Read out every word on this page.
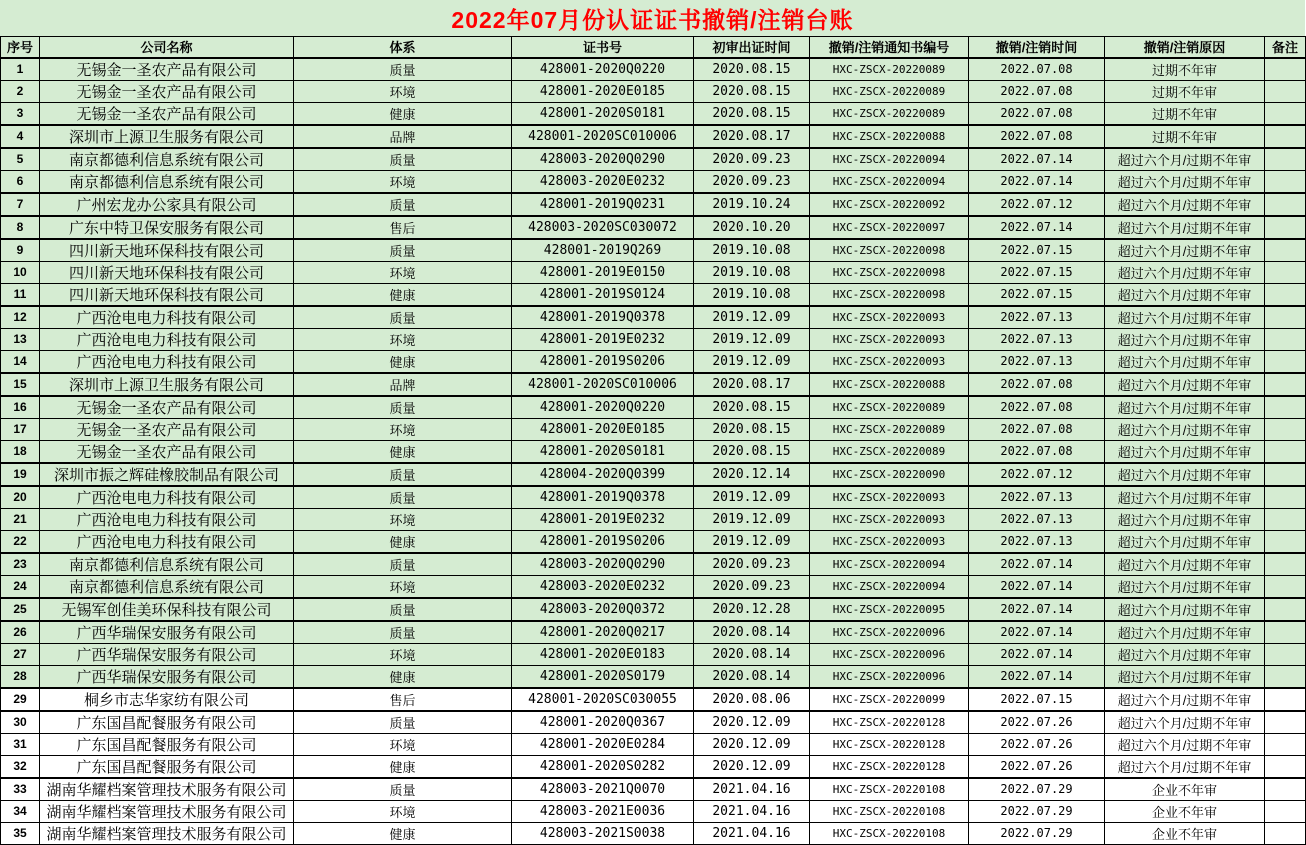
2022年07月份认证证书撤销/注销台账
序号	公司名称	体系	证书号	初审出证时间	撤销/注销通知书编号	撤销/注销时间	撤销/注销原因	备注
1	无锡金一圣农产品有限公司	质量	428001-2020Q0220	2020.08.15	HXC-ZSCX-20220089	2022.07.08	过期不年审	
2	无锡金一圣农产品有限公司	环境	428001-2020E0185	2020.08.15	HXC-ZSCX-20220089	2022.07.08	过期不年审	
3	无锡金一圣农产品有限公司	健康	428001-2020S0181	2020.08.15	HXC-ZSCX-20220089	2022.07.08	过期不年审	
4	深圳市上源卫生服务有限公司	品牌	428001-2020SC010006	2020.08.17	HXC-ZSCX-20220088	2022.07.08	过期不年审	
5	南京都德利信息系统有限公司	质量	428003-2020Q0290	2020.09.23	HXC-ZSCX-20220094	2022.07.14	超过六个月/过期不年审	
6	南京都德利信息系统有限公司	环境	428003-2020E0232	2020.09.23	HXC-ZSCX-20220094	2022.07.14	超过六个月/过期不年审	
7	广州宏龙办公家具有限公司	质量	428001-2019Q0231	2019.10.24	HXC-ZSCX-20220092	2022.07.12	超过六个月/过期不年审	
8	广东中特卫保安服务有限公司	售后	428003-2020SC030072	2020.10.20	HXC-ZSCX-20220097	2022.07.14	超过六个月/过期不年审	
9	四川新天地环保科技有限公司	质量	428001-2019Q269	2019.10.08	HXC-ZSCX-20220098	2022.07.15	超过六个月/过期不年审	
10	四川新天地环保科技有限公司	环境	428001-2019E0150	2019.10.08	HXC-ZSCX-20220098	2022.07.15	超过六个月/过期不年审	
11	四川新天地环保科技有限公司	健康	428001-2019S0124	2019.10.08	HXC-ZSCX-20220098	2022.07.15	超过六个月/过期不年审	
12	广西沧电电力科技有限公司	质量	428001-2019Q0378	2019.12.09	HXC-ZSCX-20220093	2022.07.13	超过六个月/过期不年审	
13	广西沧电电力科技有限公司	环境	428001-2019E0232	2019.12.09	HXC-ZSCX-20220093	2022.07.13	超过六个月/过期不年审	
14	广西沧电电力科技有限公司	健康	428001-2019S0206	2019.12.09	HXC-ZSCX-20220093	2022.07.13	超过六个月/过期不年审	
15	深圳市上源卫生服务有限公司	品牌	428001-2020SC010006	2020.08.17	HXC-ZSCX-20220088	2022.07.08	超过六个月/过期不年审	
16	无锡金一圣农产品有限公司	质量	428001-2020Q0220	2020.08.15	HXC-ZSCX-20220089	2022.07.08	超过六个月/过期不年审	
17	无锡金一圣农产品有限公司	环境	428001-2020E0185	2020.08.15	HXC-ZSCX-20220089	2022.07.08	超过六个月/过期不年审	
18	无锡金一圣农产品有限公司	健康	428001-2020S0181	2020.08.15	HXC-ZSCX-20220089	2022.07.08	超过六个月/过期不年审	
19	深圳市振之辉硅橡胶制品有限公司	质量	428004-2020Q0399	2020.12.14	HXC-ZSCX-20220090	2022.07.12	超过六个月/过期不年审	
20	广西沧电电力科技有限公司	质量	428001-2019Q0378	2019.12.09	HXC-ZSCX-20220093	2022.07.13	超过六个月/过期不年审	
21	广西沧电电力科技有限公司	环境	428001-2019E0232	2019.12.09	HXC-ZSCX-20220093	2022.07.13	超过六个月/过期不年审	
22	广西沧电电力科技有限公司	健康	428001-2019S0206	2019.12.09	HXC-ZSCX-20220093	2022.07.13	超过六个月/过期不年审	
23	南京都德利信息系统有限公司	质量	428003-2020Q0290	2020.09.23	HXC-ZSCX-20220094	2022.07.14	超过六个月/过期不年审	
24	南京都德利信息系统有限公司	环境	428003-2020E0232	2020.09.23	HXC-ZSCX-20220094	2022.07.14	超过六个月/过期不年审	
25	无锡军创佳美环保科技有限公司	质量	428003-2020Q0372	2020.12.28	HXC-ZSCX-20220095	2022.07.14	超过六个月/过期不年审	
26	广西华瑞保安服务有限公司	质量	428001-2020Q0217	2020.08.14	HXC-ZSCX-20220096	2022.07.14	超过六个月/过期不年审	
27	广西华瑞保安服务有限公司	环境	428001-2020E0183	2020.08.14	HXC-ZSCX-20220096	2022.07.14	超过六个月/过期不年审	
28	广西华瑞保安服务有限公司	健康	428001-2020S0179	2020.08.14	HXC-ZSCX-20220096	2022.07.14	超过六个月/过期不年审	
29	桐乡市志华家纺有限公司	售后	428001-2020SC030055	2020.08.06	HXC-ZSCX-20220099	2022.07.15	超过六个月/过期不年审	
30	广东国昌配餐服务有限公司	质量	428001-2020Q0367	2020.12.09	HXC-ZSCX-20220128	2022.07.26	超过六个月/过期不年审	
31	广东国昌配餐服务有限公司	环境	428001-2020E0284	2020.12.09	HXC-ZSCX-20220128	2022.07.26	超过六个月/过期不年审	
32	广东国昌配餐服务有限公司	健康	428001-2020S0282	2020.12.09	HXC-ZSCX-20220128	2022.07.26	超过六个月/过期不年审	
33	湖南华耀档案管理技术服务有限公司	质量	428003-2021Q0070	2021.04.16	HXC-ZSCX-20220108	2022.07.29	企业不年审	
34	湖南华耀档案管理技术服务有限公司	环境	428003-2021E0036	2021.04.16	HXC-ZSCX-20220108	2022.07.29	企业不年审	
35	湖南华耀档案管理技术服务有限公司	健康	428003-2021S0038	2021.04.16	HXC-ZSCX-20220108	2022.07.29	企业不年审	
